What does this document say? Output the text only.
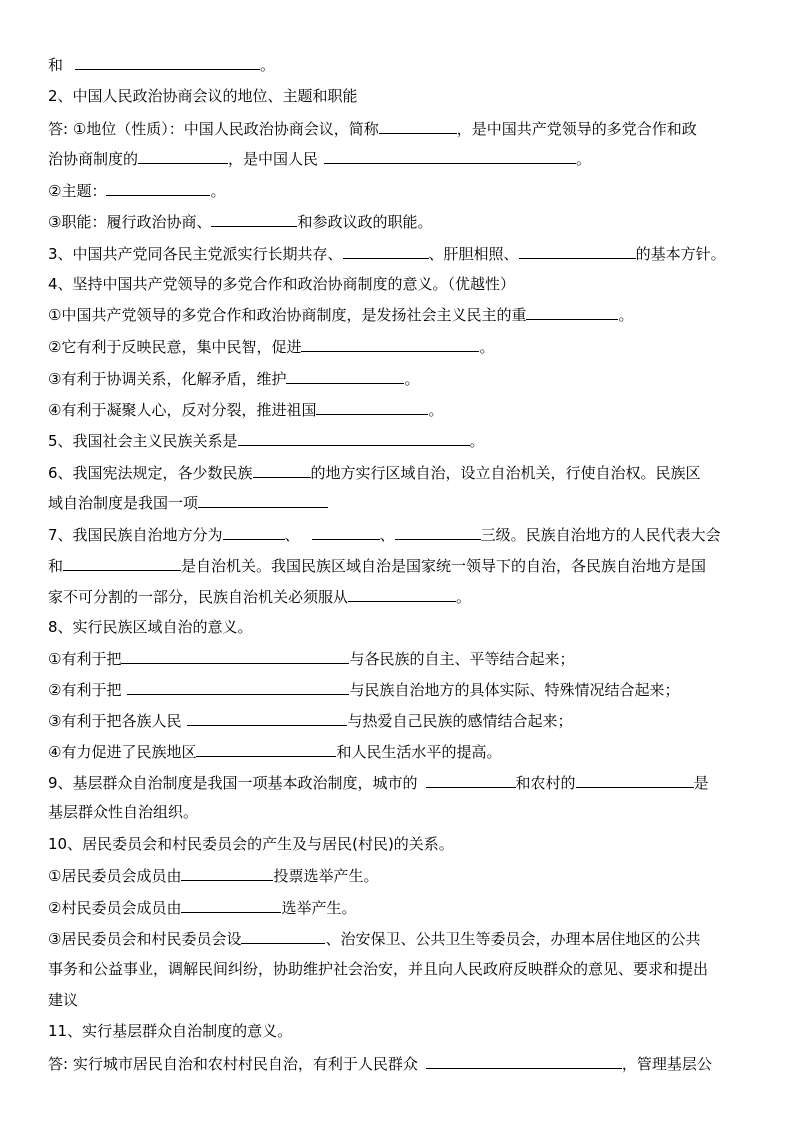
和	。
2、中国人民政治协商会议的地位、主题和职能
答: ①地位（性质）：中国人民政治协商会议，简称	，是中国共产党领导的多党合作和政
治协商制度的	，是中国人民	。
②主题：	。
③职能：履行政治协商、	和参政议政的职能。
3、中国共产党同各民主党派实行长期共存、	、肝胆相照、	的基本方针。
4、坚持中国共产党领导的多党合作和政治协商制度的意义。（优越性）
①中国共产党领导的多党合作和政治协商制度，是发扬社会主义民主的重	。
②它有利于反映民意，集中民智，促进	。
③有利于协调关系，化解矛盾，维护	。
④有利于凝聚人心，反对分裂，推进祖国	。
5、我国社会主义民族关系是	。
6、我国宪法规定，各少数民族	的地方实行区域自治，设立自治机关，行使自治权。民族区
域自治制度是我国一项
7、我国民族自治地方分为	、	、	三级。民族自治地方的人民代表大会
和	是自治机关。我国民族区域自治是国家统一领导下的自治，各民族自治地方是国
家不可分割的一部分，民族自治机关必须服从	。
8、实行民族区域自治的意义。
①有利于把	与各民族的自主、平等结合起来；
②有利于把	与民族自治地方的具体实际、特殊情况结合起来；
③有利于把各族人民	与热爱自己民族的感情结合起来；
④有力促进了民族地区	和人民生活水平的提高。
9、基层群众自治制度是我国一项基本政治制度，城市的	和农村的	是
基层群众性自治组织。
10、居民委员会和村民委员会的产生及与居民(村民)的关系。
①居民委员会成员由	投票选举产生。
②村民委员会成员由	选举产生。
③居民委员会和村民委员会设	、治安保卫、公共卫生等委员会，办理本居住地区的公共
事务和公益事业，调解民间纠纷，协助维护社会治安，并且向人民政府反映群众的意见、要求和提出
建议
11、实行基层群众自治制度的意义。
答: 实行城市居民自治和农村村民自治，有利于人民群众	，管理基层公
